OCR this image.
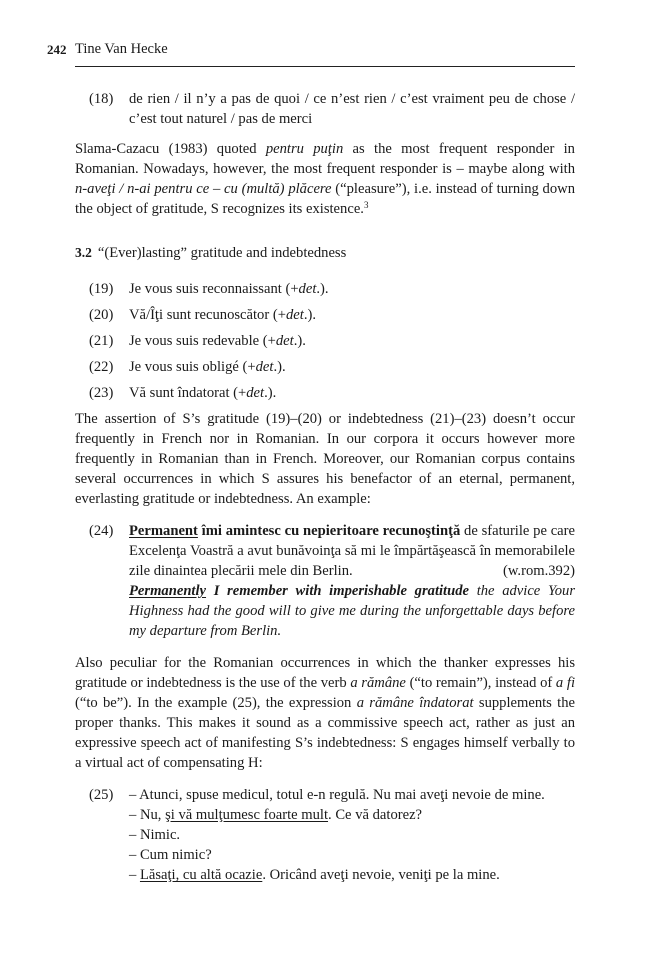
242 Tine Van Hecke
(18)	de rien / il n’y a pas de quoi / ce n’est rien / c’est vraiment peu de chose / c’est tout naturel / pas de merci

Slama-Cazacu (1983) quoted pentru puţin as the most frequent responder in Romanian. Nowadays, however, the most frequent responder is – maybe along with n-aveţi / n-ai pentru ce – cu (multă) plăcere (“pleasure”), i.e. instead of turning down the object of gratitude, S recognizes its existence.$^3$

3.2 “(Ever)lasting” gratitude and indebtedness
(19)	Je vous suis reconnaissant (+det.).
(20)	Vă/Îţi sunt recunoscător (+det.).
(21)	Je vous suis redevable (+det.).
(22)	Je vous suis obligé (+det.).
(23)	Vă sunt îndatorat (+det.).

The assertion of S’s gratitude (19)–(20) or indebtedness (21)–(23) doesn’t occur frequently in French nor in Romanian. In our corpora it occurs however more frequently in Romanian than in French. Moreover, our Romanian corpus contains several occurrences in which S assures his benefactor of an eternal, permanent, everlasting gratitude or indebtedness. An example:

(24)	Permanent îmi amintesc cu nepieritoare recunoştinţă de sfaturile pe care Excelenţa Voastră a avut bunăvoinţa să mi le împărtăşească în memorabilele zile dinaintea plecării mele din Berlin.	(w.rom.392)
Permanently I remember with imperishable gratitude the advice Your Highness had the good will to give me during the unforgettable days before my departure from Berlin.

Also peculiar for the Romanian occurrences in which the thanker expresses his gratitude or indebtedness is the use of the verb a rămâne (“to remain”), instead of a fi (“to be”). In the example (25), the expression a rămâne îndatorat supplements the proper thanks. This makes it sound as a commissive speech act, rather as just an expressive speech act of manifesting S’s indebtedness: S engages himself verbally to a virtual act of compensating H:

(25)	– Atunci, spuse medicul, totul e-n regulă. Nu mai aveţi nevoie de mine.
– Nu, şi vă mulţumesc foarte mult. Ce vă datorez?
– Nimic.
– Cum nimic?
– Lăsaţi, cu altă ocazie. Oricând aveţi nevoie, veniţi pe la mine.
